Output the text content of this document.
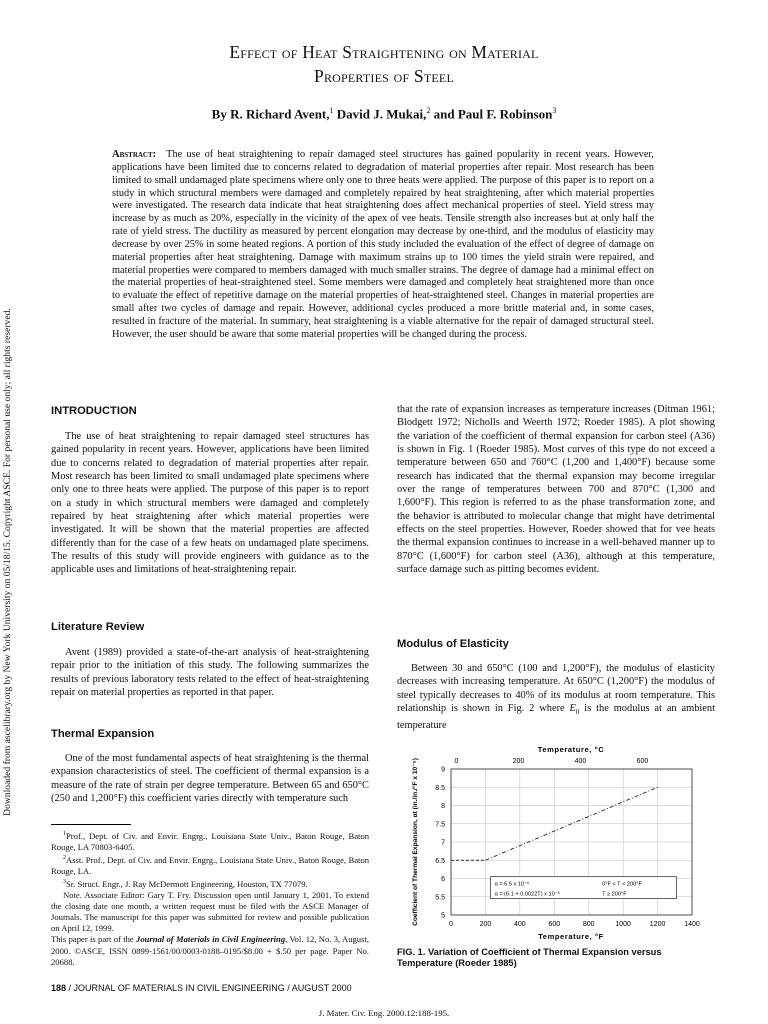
Downloaded from ascelibrary.org by New York University on 05/18/15. Copyright ASCE. For personal use only; all rights reserved.
Effect of Heat Straightening on Material
Properties of Steel
By R. Richard Avent,$^1$ David J. Mukai,$^2$ and Paul F. Robinson$^3$
Abstract: The use of heat straightening to repair damaged steel structures has gained popularity in recent years. However, applications have been limited due to concerns related to degradation of material properties after repair. Most research has been limited to small undamaged plate specimens where only one to three heats were applied. The purpose of this paper is to report on a study in which structural members were damaged and completely repaired by heat straightening, after which material properties were investigated. The research data indicate that heat straightening does affect mechanical properties of steel. Yield stress may increase by as much as 20%, especially in the vicinity of the apex of vee heats. Tensile strength also increases but at only half the rate of yield stress. The ductility as measured by percent elongation may decrease by one-third, and the modulus of elasticity may decrease by over 25% in some heated regions. A portion of this study included the evaluation of the effect of degree of damage on material properties after heat straightening. Damage with maximum strains up to 100 times the yield strain were repaired, and material properties were compared to members damaged with much smaller strains. The degree of damage had a minimal effect on the material properties of heat-straightened steel. Some members were damaged and completely heat straightened more than once to evaluate the effect of repetitive damage on the material properties of heat-straightened steel. Changes in material properties are small after two cycles of damage and repair. However, additional cycles produced a more brittle material and, in some cases, resulted in fracture of the material. In summary, heat straightening is a viable alternative for the repair of damaged structural steel. However, the user should be aware that some material properties will be changed during the process.
INTRODUCTION
The use of heat straightening to repair damaged steel structures has gained popularity in recent years. However, applications have been limited due to concerns related to degradation of material properties after repair. Most research has been limited to small undamaged plate specimens where only one to three heats were applied. The purpose of this paper is to report on a study in which structural members were damaged and completely repaired by heat straightening after which material properties were investigated. It will be shown that the material properties are affected differently than for the case of a few heats on undamaged plate specimens. The results of this study will provide engineers with guidance as to the applicable uses and limitations of heat-straightening repair.
Literature Review
Avent (1989) provided a state-of-the-art analysis of heat-straightening repair prior to the initiation of this study. The following summarizes the results of previous laboratory tests related to the effect of heat-straightening repair on material properties as reported in that paper.
Thermal Expansion
One of the most fundamental aspects of heat straightening is the thermal expansion characteristics of steel. The coefficient of thermal expansion is a measure of the rate of strain per degree temperature. Between 65 and 650°C (250 and 1,200°F) this coefficient varies directly with temperature such

$^1$Prof., Dept. of Civ. and Envir. Engrg., Louisiana State Univ., Baton Rouge, Baton Rouge, LA 70803-6405.

$^2$Asst. Prof., Dept. of Civ. and Envir. Engrg., Louisiana State Univ., Baton Rouge, Baton Rouge, LA.

$^3$Sr. Struct. Engr., J. Ray McDermott Engineering, Houston, TX 77079.

Note. Associate Editor: Gary T. Fry. Discussion open until January 1, 2001. To extend the closing date one month, a written request must be filed with the ASCE Manager of Journals. The manuscript for this paper was submitted for review and possible publication on April 12, 1999.

This paper is part of the Journal of Materials in Civil Engineering, Vol. 12, No. 3, August, 2000. ©ASCE, ISSN 0899-1561/00/0003-0188–0195/$8.00 + $.50 per page. Paper No. 20688.

that the rate of expansion increases as temperature increases (Ditman 1961; Blodgett 1972; Nicholls and Weerth 1972; Roeder 1985). A plot showing the variation of the coefficient of thermal expansion for carbon steel (A36) is shown in Fig. 1 (Roeder 1985). Most curves of this type do not exceed a temperature between 650 and 760°C (1,200 and 1,400°F) because some research has indicated that the thermal expansion may become irregular over the range of temperatures between 700 and 870°C (1,300 and 1,600°F). This region is referred to as the phase transformation zone, and the behavior is attributed to molecular change that might have detrimental effects on the steel properties. However, Roeder showed that for vee heats the thermal expansion continues to increase in a well-behaved manner up to 870°C (1,600°F) for carbon steel (A36), although at this temperature, surface damage such as pitting becomes evident.
Modulus of Elasticity
Between 30 and 650°C (100 and 1,200°F), the modulus of elasticity decreases with increasing temperature. At 650°C (1,200°F) the modulus of steel typically decreases to 40% of its modulus at room temperature. This relationship is shown in Fig. 2 where $E_0$ is the modulus at an ambient temperature
0	200	400	600	800	1000	1200	1400
0	200	400	600
5
5.5
6
6.5
7
7.5
8
8.5
9
α = 6.5 x 10⁻⁶	0°F < T < 200°F
α = (6.1 + 0.0022T) x 10⁻⁶	T ≥ 200°F
Temperature, °C
Temperature, °F
Coefficient of Thermal Expansion, αt (in./in./°F x 10⁻⁶)
FIG. 1. Variation of Coefficient of Thermal Expansion versus Temperature (Roeder 1985)
188 / JOURNAL OF MATERIALS IN CIVIL ENGINEERING / AUGUST 2000
J. Mater. Civ. Eng. 2000.12:188-195.
